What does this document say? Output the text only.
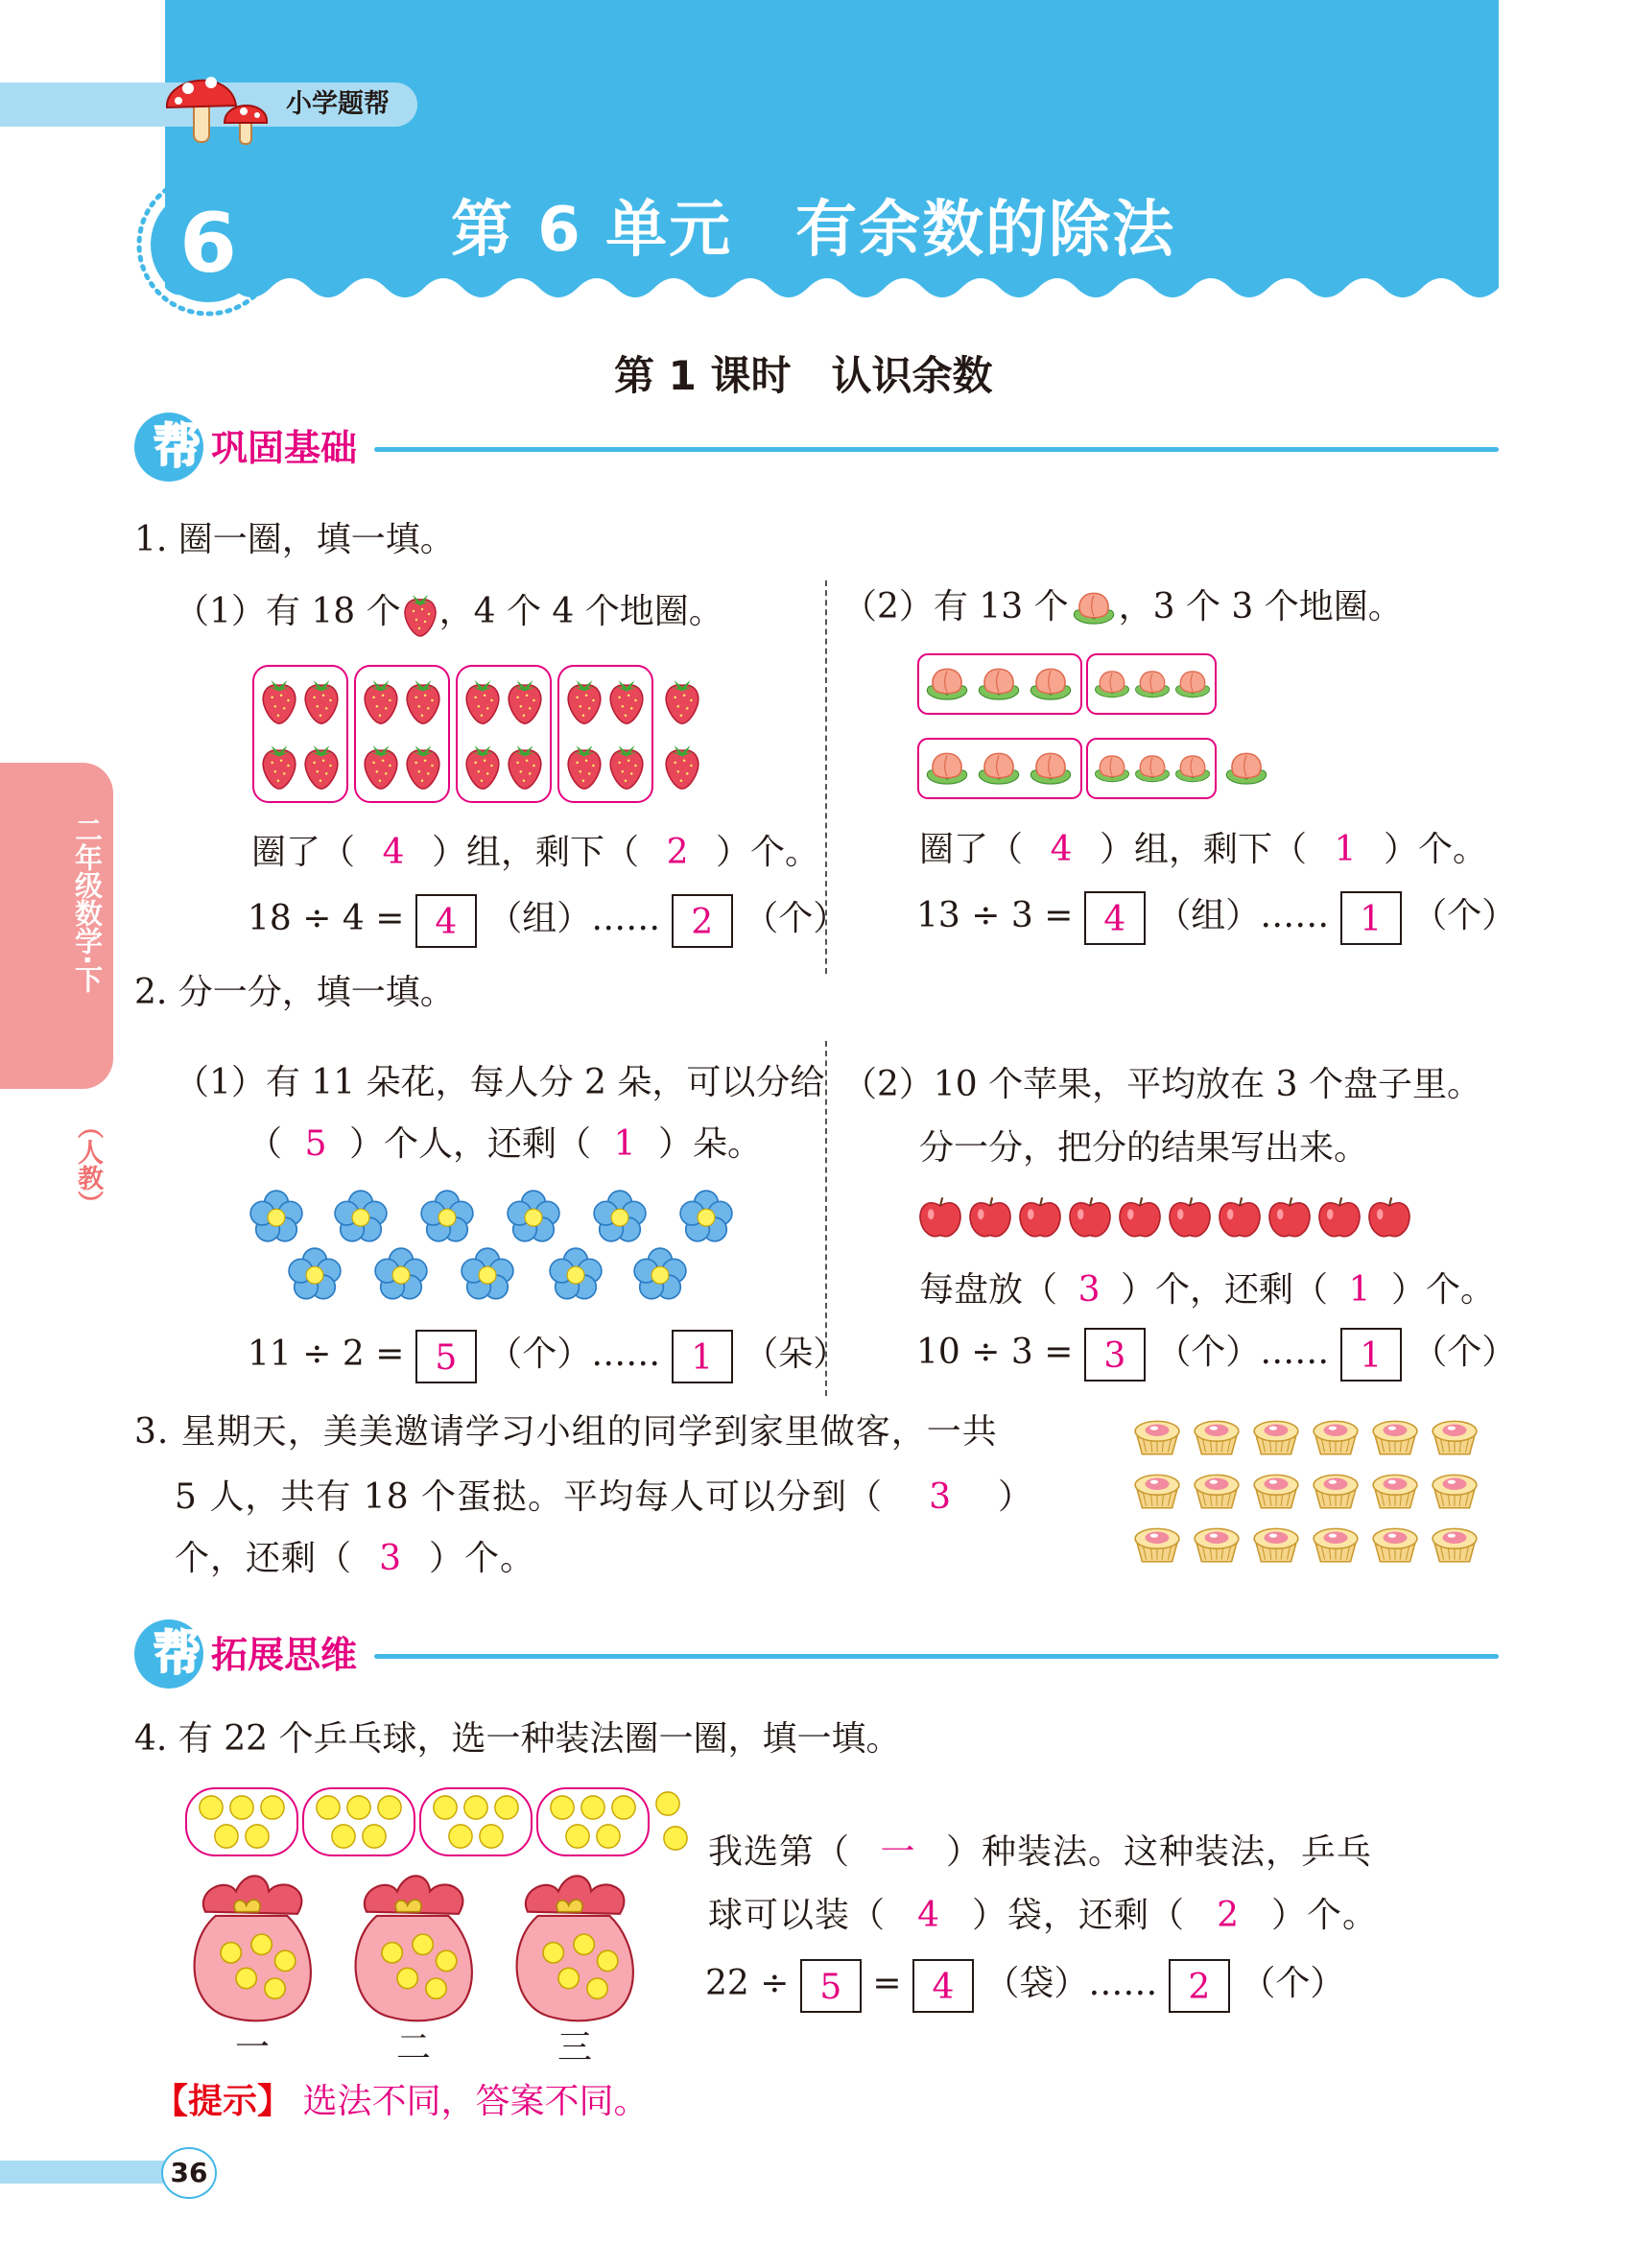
小学题帮
6	第 6 单元　有余数的除法
第 1 课时　认识余数
二年级数学·下
（人教）
帮 巩固基础
1. 圈一圈，填一填。
（1）有 18 个 ，4 个 4 个地圈。
圈了（ 4 ）组，剩下（ 2 ）个。
18 ÷ 4 = 4 （组）…… 2 （个）
（2）有 13 个 ，3 个 3 个地圈。
圈了（ 4 ）组，剩下（ 1 ）个。
13 ÷ 3 = 4 （组）…… 1 （个）
2. 分一分，填一填。
（1）有 11 朵花，每人分 2 朵，可以分给
（ 5 ）个人，还剩（ 1 ）朵。
11 ÷ 2 = 5 （个）…… 1 （朵）
（2）10 个苹果，平均放在 3 个盘子里。
分一分，把分的结果写出来。
每盘放（ 3 ）个，还剩（ 1 ）个。
10 ÷ 3 = 3 （个）…… 1 （个）
3. 星期天，美美邀请学习小组的同学到家里做客，一共
5 人，共有 18 个蛋挞。平均每人可以分到（ 3 ）
个，还剩（ 3 ）个。
帮 拓展思维
4. 有 22 个乒乓球，选一种装法圈一圈，填一填。
一	二	三
我选第（ 一 ）种装法。这种装法，乒乓
球可以装（ 4 ）袋，还剩（ 2 ）个。
22 ÷ 5 = 4 （袋）…… 2 （个）
【提示】 选法不同，答案不同。
36
